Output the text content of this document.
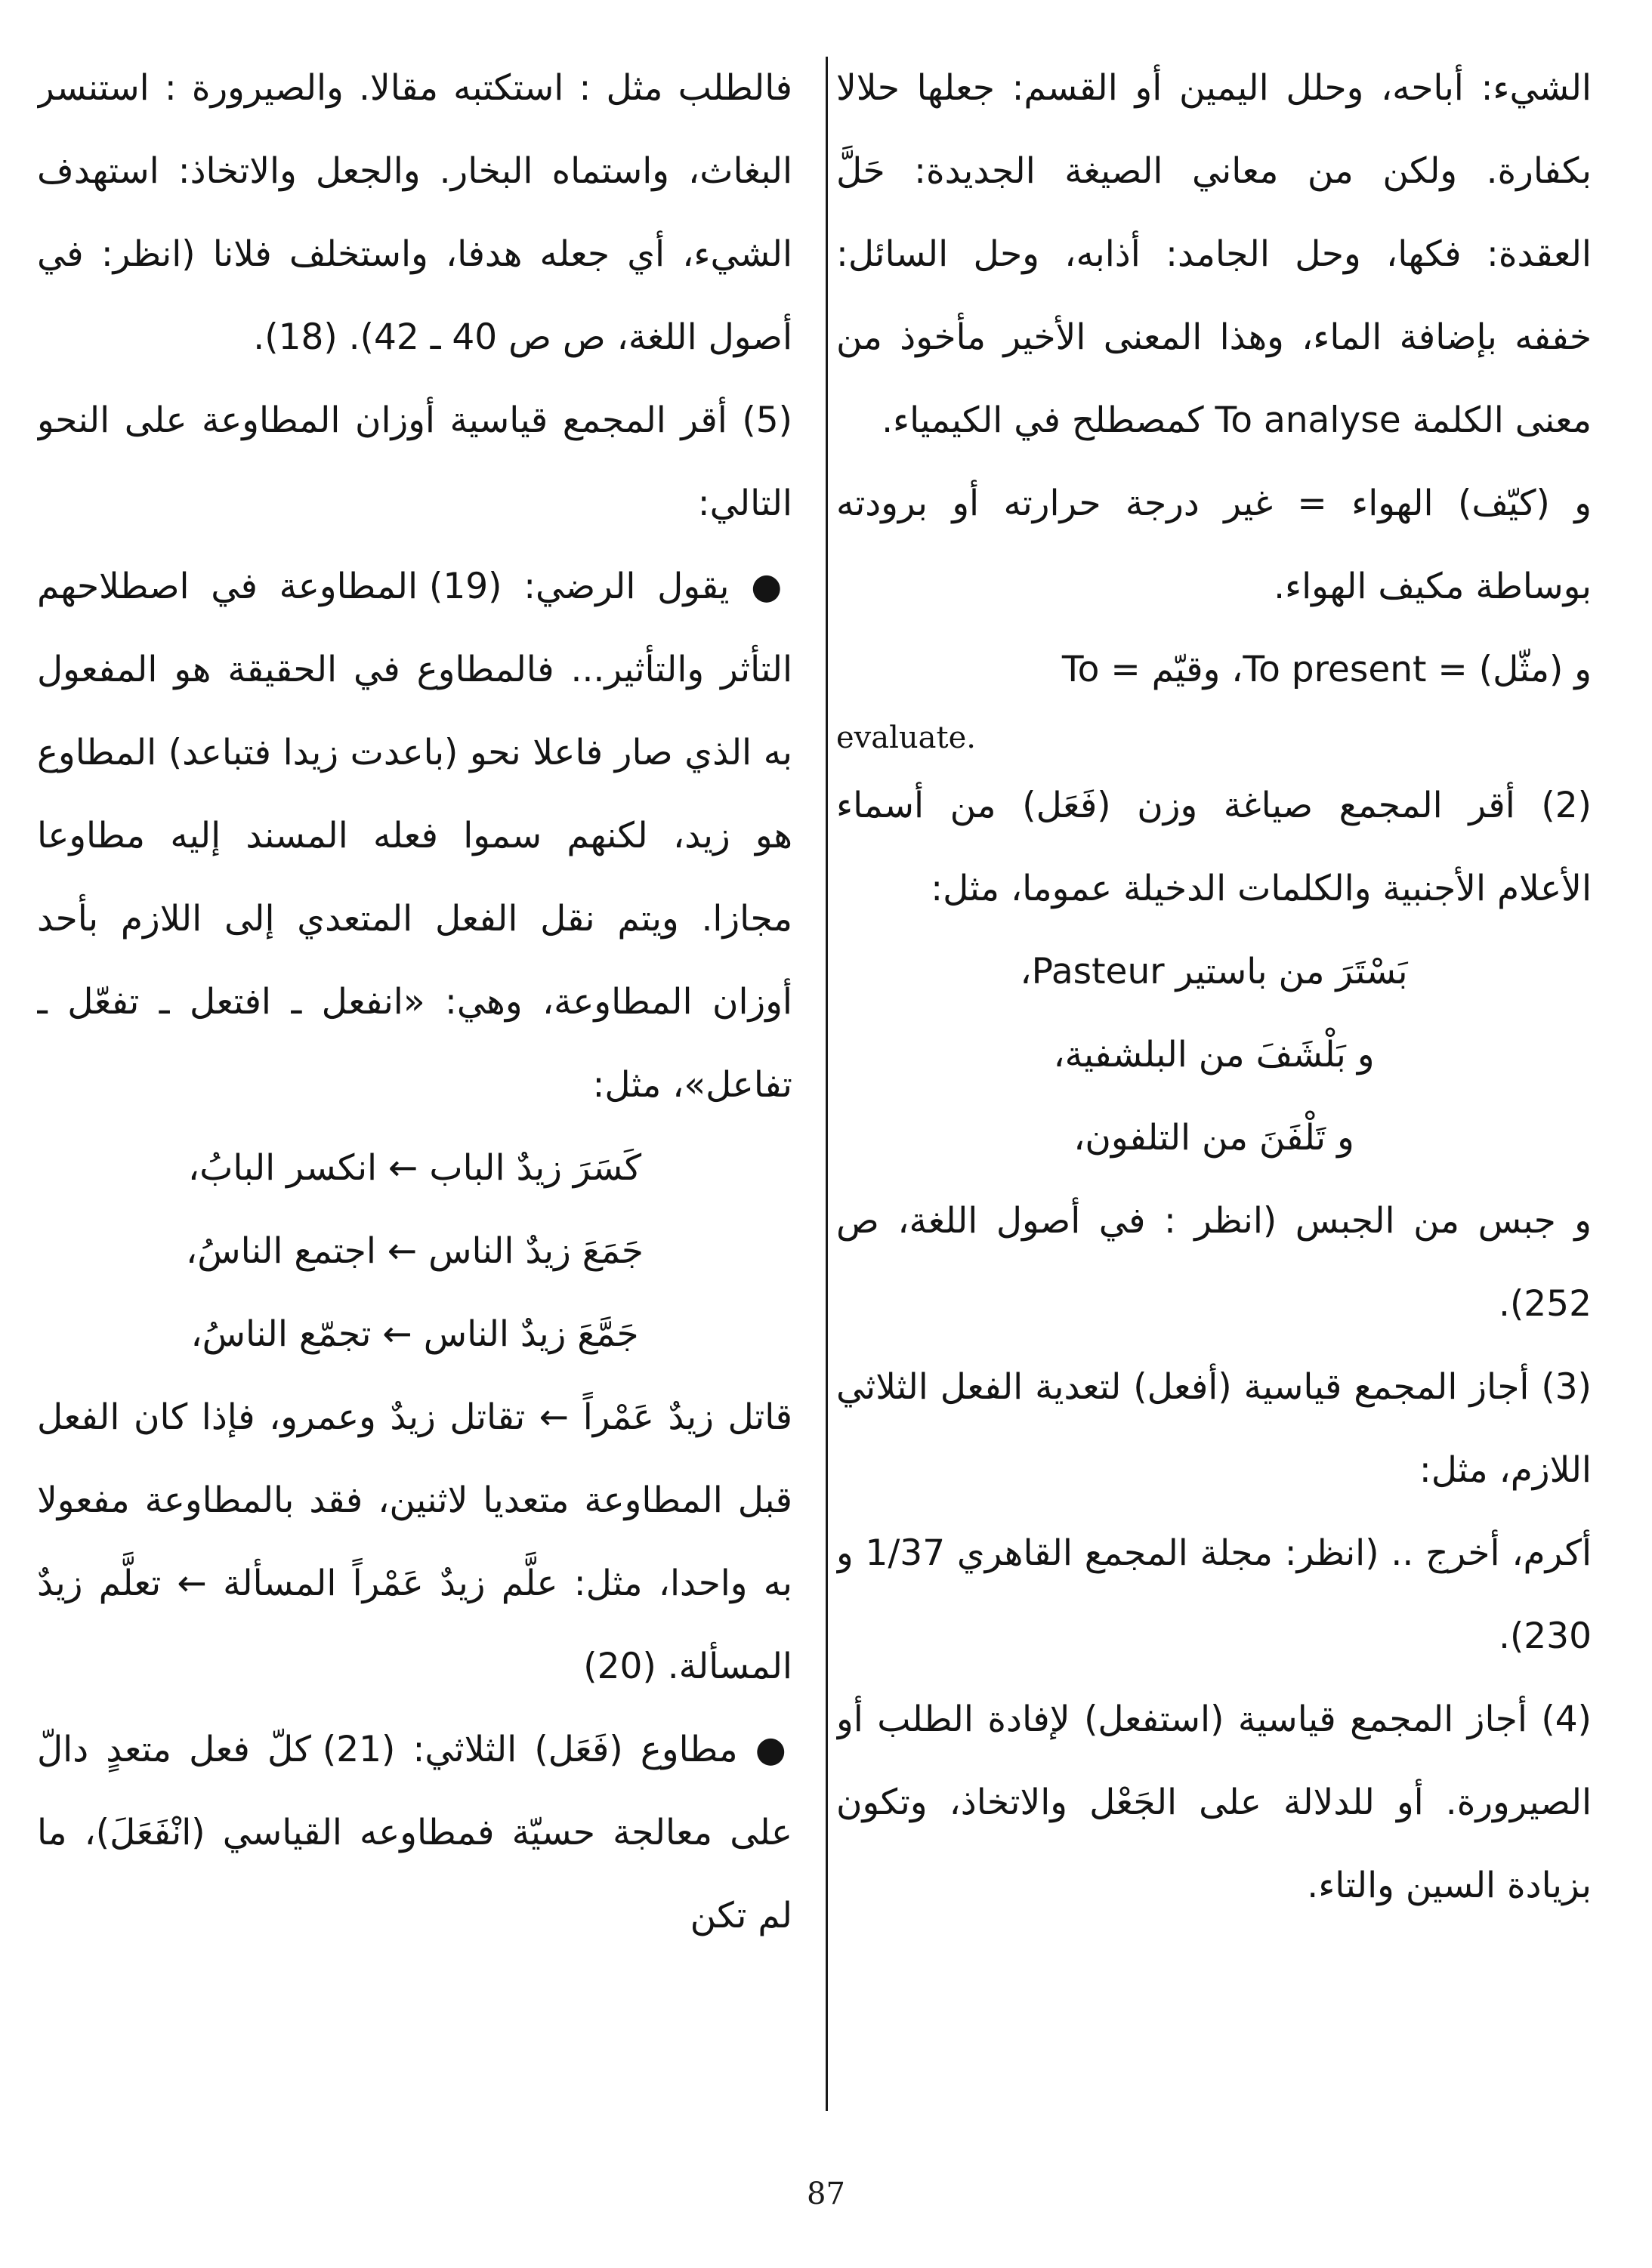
الشيء: أباحه، وحلل اليمين أو القسم: جعلها حلالا بكفارة. ولكن من معاني الصيغة الجديدة: حَلَّ العقدة: فكها، وحل الجامد: أذابه، وحل السائل: خففه بإضافة الماء، وهذا المعنى الأخير مأخوذ من معنى الكلمة To analyse كمصطلح في الكيمياء.

و (كيّف) الهواء = غير درجة حرارته أو برودته بوساطة مكيف الهواء.

و (مثّل) = To present، وقيّم = To

evaluate.

(2) أقر المجمع صياغة وزن (فَعَل) من أسماء الأعلام الأجنبية والكلمات الدخيلة عموما، مثل:

بَسْتَرَ من باستير Pasteur،

و بَلْشَفَ من البلشفية،

و تَلْفَنَ من التلفون،

و جبس من الجبس (انظر : في أصول اللغة، ص 252).

(3) أجاز المجمع قياسية (أفعل) لتعدية الفعل الثلاثي اللازم، مثل:

أكرم، أخرج .. (انظر: مجلة المجمع القاهري 1/37 و 230).

(4) أجاز المجمع قياسية (استفعل) لإفادة الطلب أو الصيرورة. أو للدلالة على الجَعْل والاتخاذ، وتكون بزيادة السين والتاء.

فالطلب مثل : استكتبه مقالا. والصيرورة : استنسر البغاث، واستماه البخار. والجعل والاتخاذ: استهدف الشيء، أي جعله هدفا، واستخلف فلانا (انظر: في أصول اللغة، ص ص 40 ـ 42). (18).

(5) أقر المجمع قياسية أوزان المطاوعة على النحو التالي:

● يقول الرضي: (19) المطاوعة في اصطلاحهم التأثر والتأثير... فالمطاوع في الحقيقة هو المفعول به الذي صار فاعلا نحو (باعدت زيدا فتباعد) المطاوع هو زيد، لكنهم سموا فعله المسند إليه مطاوعا مجازا. ويتم نقل الفعل المتعدي إلى اللازم بأحد أوزان المطاوعة، وهي: «انفعل ـ افتعل ـ تفعّل ـ تفاعل»، مثل:

كَسَرَ زيدٌ الباب ← انكسر البابُ،

جَمَعَ زيدٌ الناس ← اجتمع الناسُ،

جَمَّعَ زيدٌ الناس ← تجمّع الناسُ،

قاتل زيدٌ عَمْراً ← تقاتل زيدٌ وعمرو، فإذا كان الفعل قبل المطاوعة متعديا لاثنين، فقد بالمطاوعة مفعولا به واحدا، مثل: علَّم زيدٌ عَمْراً المسألة ← تعلَّم زيدٌ المسألة. (20)

● مطاوع (فَعَل) الثلاثي: (21) كلّ فعل متعدٍ دالّ على معالجة حسيّة فمطاوعه القياسي (انْفَعَلَ)، ما لم تكن

87
